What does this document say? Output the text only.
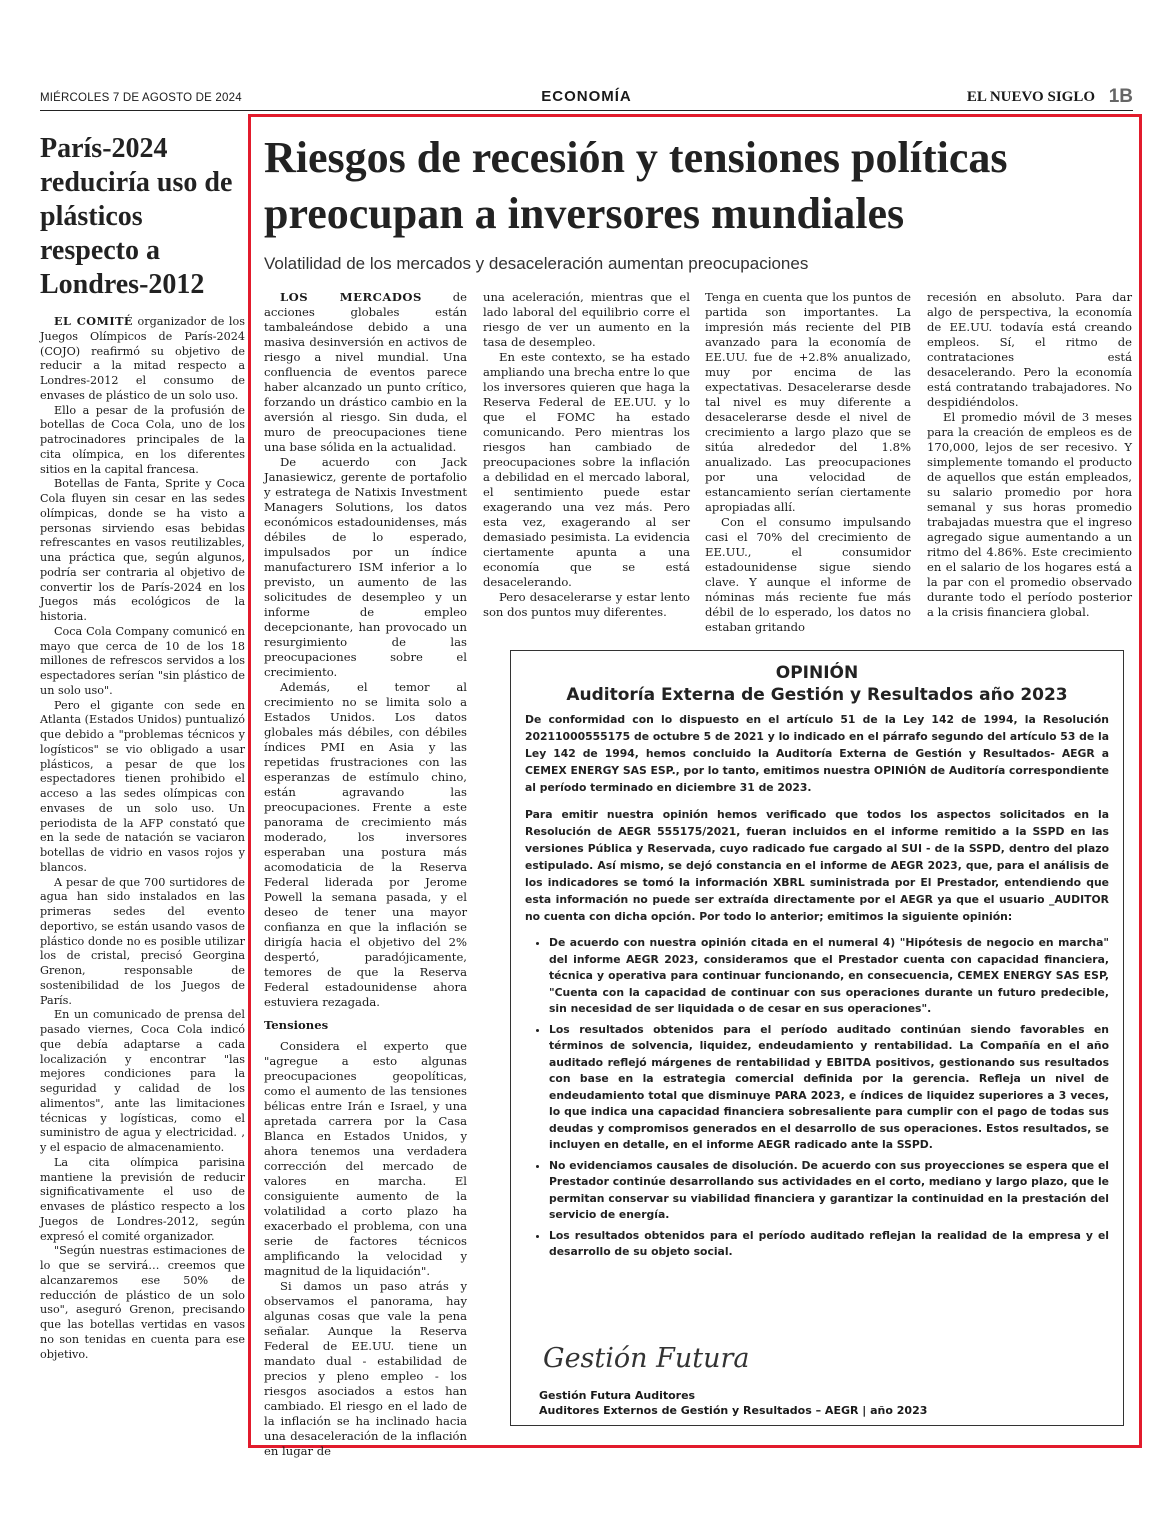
MIÉRCOLES 7 DE AGOSTO DE 2024	ECONOMÍA	EL NUEVO SIGLO 1B
París-2024 reduciría uso de plásticos respecto a Londres-2012

EL COMITÉ organizador de los Juegos Olímpicos de París-2024 (COJO) reafirmó su objetivo de reducir a la mitad respecto a Londres-2012 el consumo de envases de plástico de un solo uso.

Ello a pesar de la profusión de botellas de Coca Cola, uno de los patrocinadores principales de la cita olímpica, en los diferentes sitios en la capital francesa.

Botellas de Fanta, Sprite y Coca Cola fluyen sin cesar en las sedes olímpicas, donde se ha visto a personas sirviendo esas bebidas refrescantes en vasos reutilizables, una práctica que, según algunos, podría ser contraria al objetivo de convertir los de París-2024 en los Juegos más ecológicos de la historia.

Coca Cola Company comunicó en mayo que cerca de 10 de los 18 millones de refrescos servidos a los espectadores serían "sin plástico de un solo uso".

Pero el gigante con sede en Atlanta (Estados Unidos) puntualizó que debido a "problemas técnicos y logísticos" se vio obligado a usar plásticos, a pesar de que los espectadores tienen prohibido el acceso a las sedes olímpicas con envases de un solo uso. Un periodista de la AFP constató que en la sede de natación se vaciaron botellas de vidrio en vasos rojos y blancos.

A pesar de que 700 surtidores de agua han sido instalados en las primeras sedes del evento deportivo, se están usando vasos de plástico donde no es posible utilizar los de cristal, precisó Georgina Grenon, responsable de sostenibilidad de los Juegos de París.

En un comunicado de prensa del pasado viernes, Coca Cola indicó que debía adaptarse a cada localización y encontrar "las mejores condiciones para la seguridad y calidad de los alimentos", ante las limitaciones técnicas y logísticas, como el suministro de agua y electricidad. , y el espacio de almacenamiento.

La cita olímpica parisina mantiene la previsión de reducir significativamente el uso de envases de plástico respecto a los Juegos de Londres-2012, según expresó el comité organizador.

"Según nuestras estimaciones de lo que se servirá… creemos que alcanzaremos ese 50% de reducción de plástico de un solo uso", aseguró Grenon, precisando que las botellas vertidas en vasos no son tenidas en cuenta para ese objetivo.

Riesgos de recesión y tensiones políticas preocupan a inversores mundiales
Volatilidad de los mercados y desaceleración aumentan preocupaciones

LOS MERCADOS	de acciones globales están tambaleándose debido a una masiva desinversión en activos de riesgo a nivel mundial. Una confluencia de eventos parece haber alcanzado un punto crítico, forzando un drástico cambio en la aversión al riesgo. Sin duda, el muro de preocupaciones tiene una base sólida en la actualidad.

De acuerdo con Jack Janasiewicz, gerente de portafolio y estratega de Natixis Investment Managers Solutions, los datos económicos estadounidenses, más débiles de lo esperado, impulsados por un índice manufacturero ISM inferior a lo previsto, un aumento de las solicitudes de desempleo y un informe de empleo decepcionante, han provocado un resurgimiento de las preocupaciones sobre el crecimiento.

Además, el temor al crecimiento no se limita solo a Estados Unidos. Los datos globales más débiles, con débiles índices PMI en Asia y las repetidas frustraciones con las esperanzas de estímulo chino, están agravando las preocupaciones. Frente a este panorama de crecimiento más moderado, los inversores esperaban una postura más acomodaticia de la Reserva Federal liderada por Jerome Powell la semana pasada, y el deseo de tener una mayor confianza en que la inflación se dirigía hacia el objetivo del 2% despertó, paradójicamente, temores de que la Reserva Federal estadounidense ahora estuviera rezagada.

Tensiones

Considera el experto que "agregue a esto algunas preocupaciones geopolíticas, como el aumento de las tensiones bélicas entre Irán e Israel, y una apretada carrera por la Casa Blanca en Estados Unidos, y ahora tenemos una verdadera corrección del mercado de valores en marcha. El consiguiente aumento de la volatilidad a corto plazo ha exacerbado el problema, con una serie de factores técnicos amplificando la velocidad y magnitud de la liquidación".

Si damos un paso atrás y observamos el panorama, hay algunas cosas que vale la pena señalar. Aunque la Reserva Federal de EE.UU. tiene un mandato dual - estabilidad de precios y pleno empleo - los riesgos asociados a estos han cambiado. El riesgo en el lado de la inflación se ha inclinado hacia una desaceleración de la inflación en lugar de

una aceleración, mientras que el lado laboral del equilibrio corre el riesgo de ver un aumento en la tasa de desempleo.

En este contexto, se ha estado ampliando una brecha entre lo que los inversores quieren que haga la Reserva Federal de EE.UU. y lo que el FOMC ha estado comunicando. Pero mientras los riesgos han cambiado de preocupaciones sobre la inflación a debilidad en el mercado laboral, el sentimiento puede estar exagerando una vez más. Pero esta vez, exagerando al ser demasiado pesimista. La evidencia ciertamente apunta a una economía que se está desacelerando.

Pero desacelerarse y estar lento son dos puntos muy diferentes.

Tenga en cuenta que los puntos de partida son importantes. La impresión más reciente del PIB avanzado para la economía de EE.UU. fue de +2.8% anualizado, muy por encima de las expectativas. Desacelerarse desde tal nivel es muy diferente a desacelerarse desde el nivel de crecimiento a largo plazo que se sitúa alrededor del 1.8% anualizado. Las preocupaciones por una velocidad de estancamiento serían ciertamente apropiadas allí.

Con el consumo impulsando casi el 70% del crecimiento de EE.UU., el consumidor estadounidense sigue siendo clave. Y aunque el informe de nóminas más reciente fue más débil de lo esperado, los datos no estaban gritando

recesión en absoluto. Para dar algo de perspectiva, la economía de EE.UU. todavía está creando empleos. Sí, el ritmo de contrataciones está desacelerando. Pero la economía está contratando trabajadores. No despidiéndolos.

El promedio móvil de 3 meses para la creación de empleos es de 170,000, lejos de ser recesivo. Y simplemente tomando el producto de aquellos que están empleados, su salario promedio por hora semanal y sus horas promedio trabajadas muestra que el ingreso agregado sigue aumentando a un ritmo del 4.86%. Este crecimiento en el salario de los hogares está a la par con el promedio observado durante todo el período posterior a la crisis financiera global.

OPINIÓN

Auditoría Externa de Gestión y Resultados año 2023

De conformidad con lo dispuesto en el artículo 51 de la Ley 142 de 1994, la Resolución 20211000555175 de octubre 5 de 2021 y lo indicado en el párrafo segundo del artículo 53 de la Ley 142 de 1994, hemos concluido la Auditoría Externa de Gestión y Resultados- AEGR a CEMEX ENERGY SAS ESP., por lo tanto, emitimos nuestra OPINIÓN de Auditoría correspondiente al período terminado en diciembre 31 de 2023.

Para emitir nuestra opinión hemos verificado que todos los aspectos solicitados en la Resolución de AEGR 555175/2021, fueran incluidos en el informe remitido a la SSPD en las versiones Pública y Reservada, cuyo radicado fue cargado al SUI - de la SSPD, dentro del plazo estipulado. Así mismo, se dejó constancia en el informe de AEGR 2023, que, para el análisis de los indicadores se tomó la información XBRL suministrada por El Prestador, entendiendo que esta información no puede ser extraída directamente por el AEGR ya que el usuario _AUDITOR no cuenta con dicha opción. Por todo lo anterior; emitimos la siguiente opinión:

• De acuerdo con nuestra opinión citada en el numeral 4) "Hipótesis de negocio en marcha" del informe AEGR 2023, consideramos que el Prestador cuenta con capacidad financiera, técnica y operativa para continuar funcionando, en consecuencia, CEMEX ENERGY SAS ESP, "Cuenta con la capacidad de continuar con sus operaciones durante un futuro predecible, sin necesidad de ser liquidada o de cesar en sus operaciones".
• Los resultados obtenidos para el período auditado continúan siendo favorables en términos de solvencia, liquidez, endeudamiento y rentabilidad. La Compañía en el año auditado reflejó márgenes de rentabilidad y EBITDA positivos, gestionando sus resultados con base en la estrategia comercial definida por la gerencia. Refleja un nivel de endeudamiento total que disminuye PARA 2023, e índices de liquidez superiores a 3 veces, lo que indica una capacidad financiera sobresaliente para cumplir con el pago de todas sus deudas y compromisos generados en el desarrollo de sus operaciones. Estos resultados, se incluyen en detalle, en el informe AEGR radicado ante la SSPD.
• No evidenciamos causales de disolución. De acuerdo con sus proyecciones se espera que el Prestador continúe desarrollando sus actividades en el corto, mediano y largo plazo, que le permitan conservar su viabilidad financiera y garantizar la continuidad en la prestación del servicio de energía.
• Los resultados obtenidos para el período auditado reflejan la realidad de la empresa y el desarrollo de su objeto social.
Gestión Futura

Gestión Futura Auditores

Auditores Externos de Gestión y Resultados – AEGR | año 2023
